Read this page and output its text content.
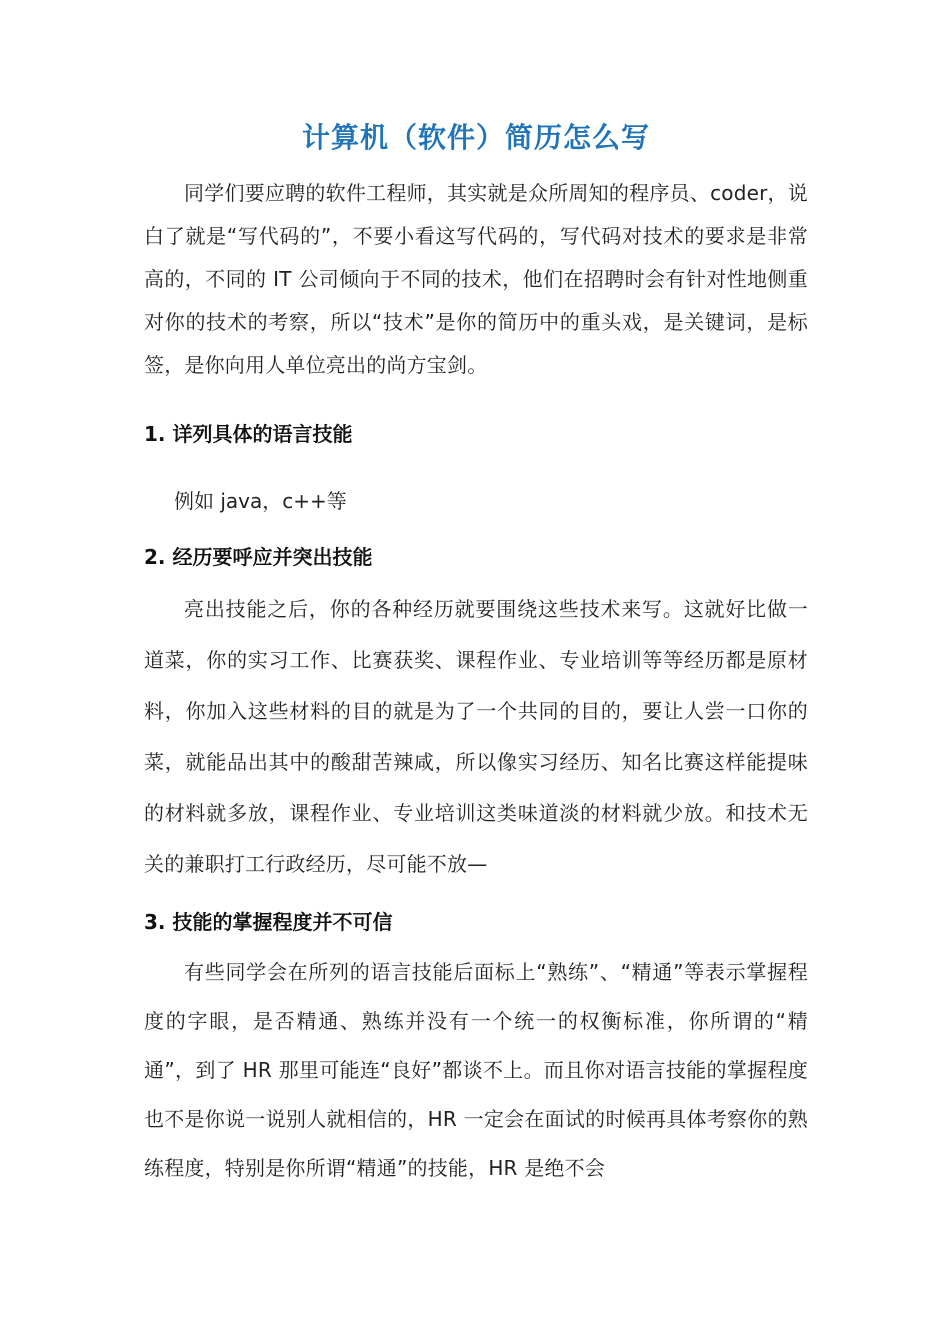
计算机（软件）简历怎么写

同学们要应聘的软件工程师，其实就是众所周知的程序员、coder，说白了就是“写代码的”，不要小看这写代码的，写代码对技术的要求是非常高的，不同的 IT 公司倾向于不同的技术，他们在招聘时会有针对性地侧重对你的技术的考察，所以“技术”是你的简历中的重头戏，是关键词，是标签，是你向用人单位亮出的尚方宝剑。

1. 详列具体的语言技能

例如 java，c++等

2. 经历要呼应并突出技能

亮出技能之后，你的各种经历就要围绕这些技术来写。这就好比做一道菜，你的实习工作、比赛获奖、课程作业、专业培训等等经历都是原材料，你加入这些材料的目的就是为了一个共同的目的，要让人尝一口你的菜，就能品出其中的酸甜苦辣咸，所以像实习经历、知名比赛这样能提味的材料就多放，课程作业、专业培训这类味道淡的材料就少放。和技术无关的兼职打工行政经历，尽可能不放—

3. 技能的掌握程度并不可信

有些同学会在所列的语言技能后面标上“熟练”、“精通”等表示掌握程度的字眼，是否精通、熟练并没有一个统一的权衡标准，你所谓的“精通”，到了 HR 那里可能连“良好”都谈不上。而且你对语言技能的掌握程度也不是你说一说别人就相信的，HR 一定会在面试的时候再具体考察你的熟练程度，特别是你所谓“精通”的技能，HR 是绝不会
